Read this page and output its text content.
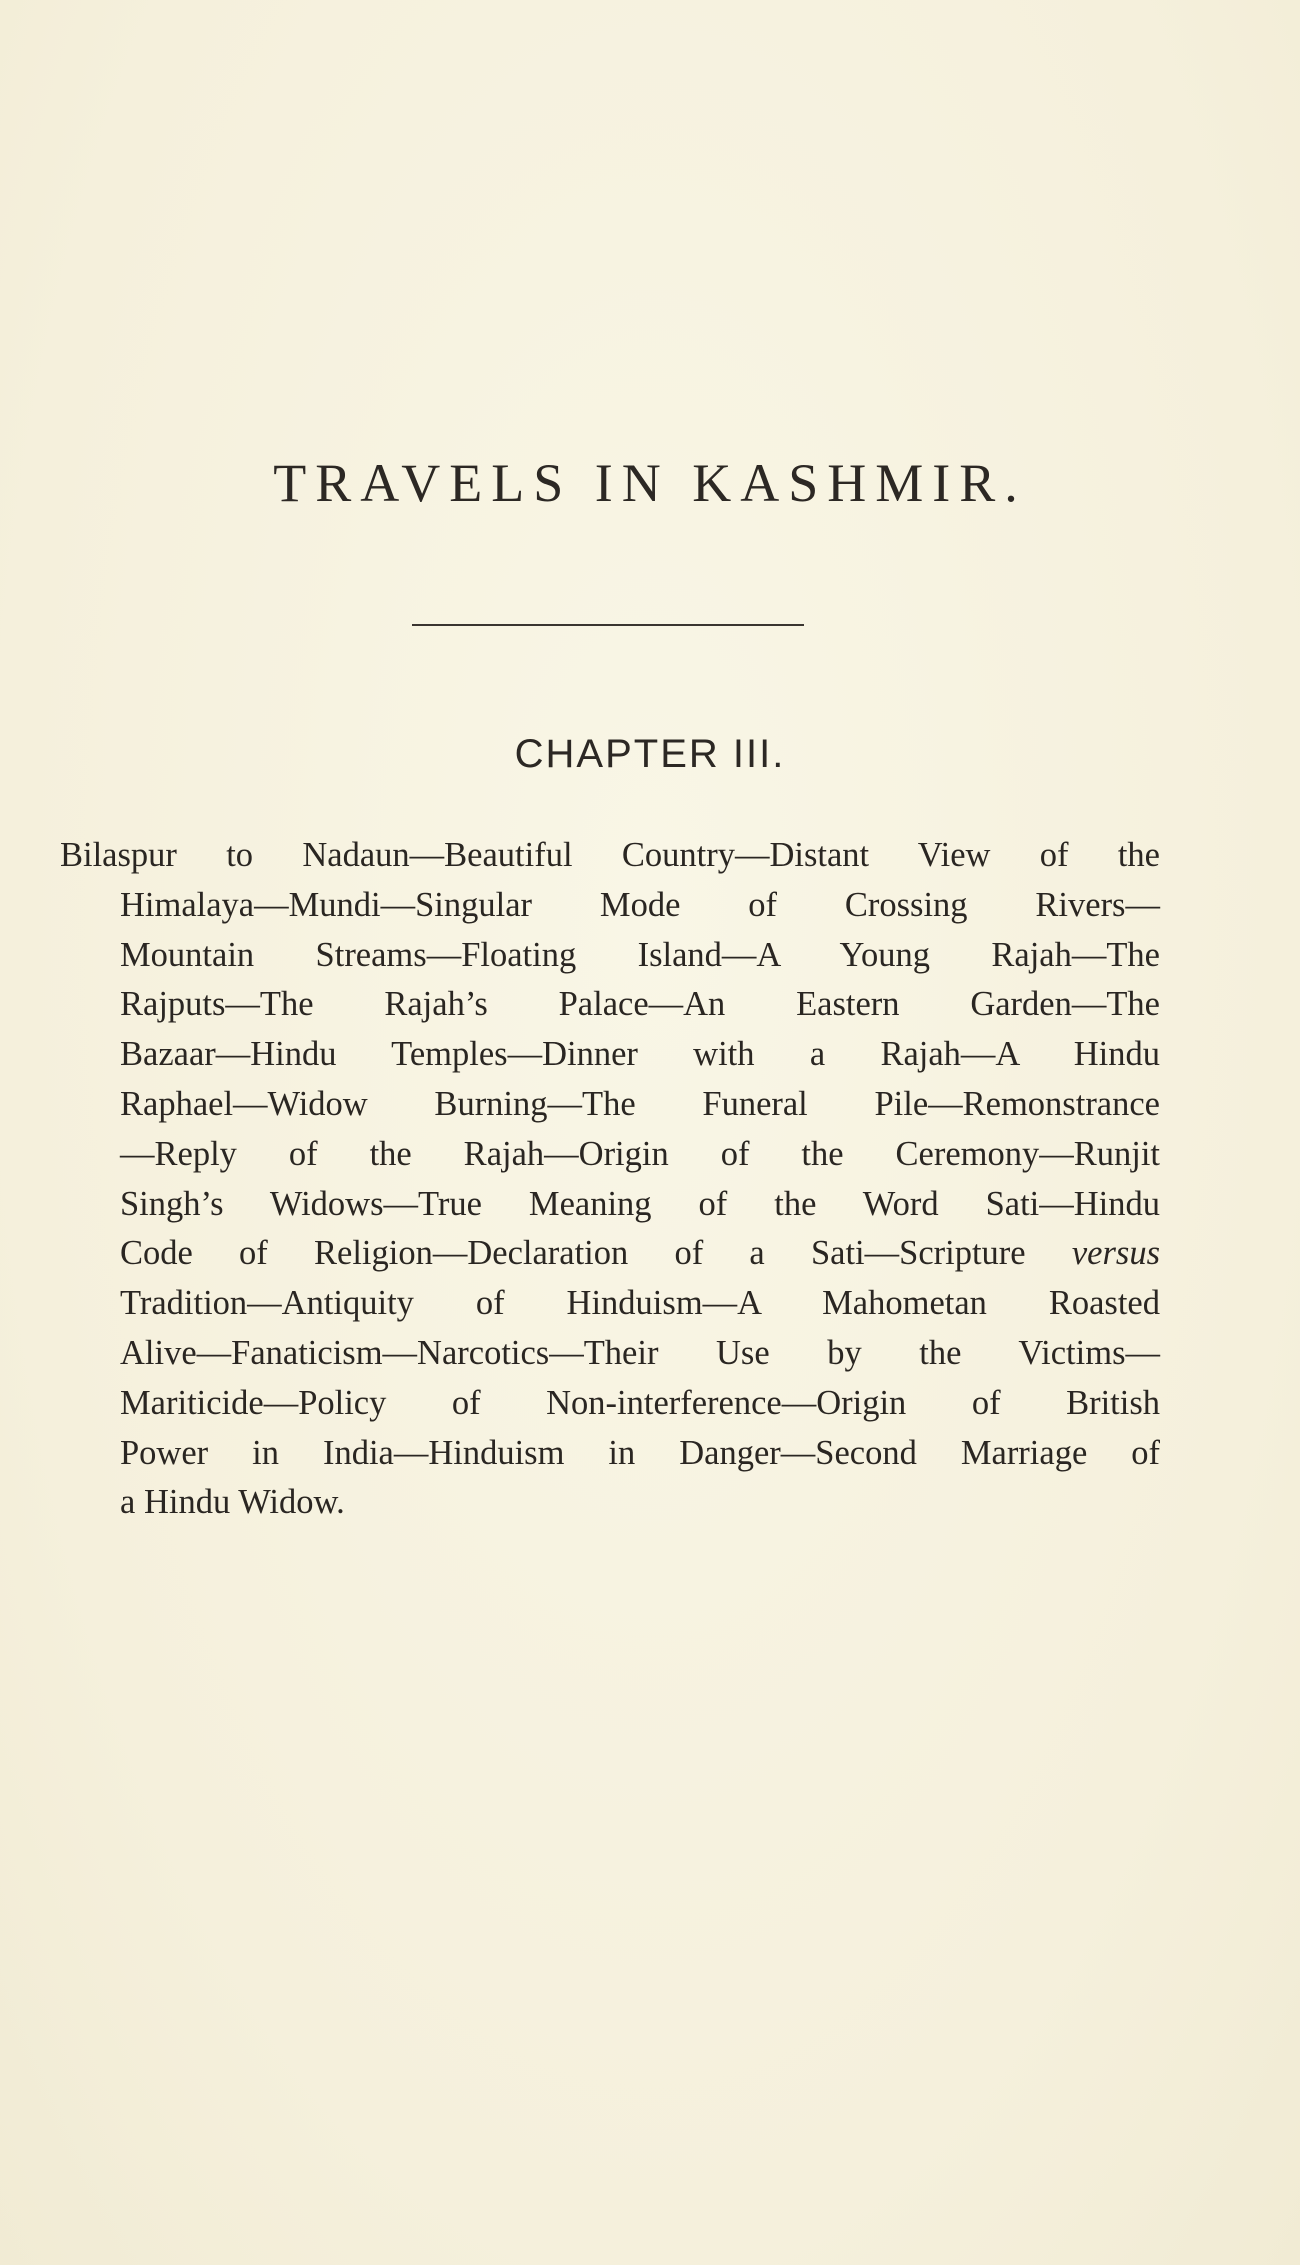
TRAVELS IN KASHMIR.
CHAPTER III.
Bilaspur to Nadaun—Beautiful Country—Distant View of the
Himalaya—Mundi—Singular Mode of Crossing Rivers—
Mountain Streams—Floating Island—A Young Rajah—The
Rajputs—The Rajah’s Palace—An Eastern Garden—The
Bazaar—Hindu Temples—Dinner with a Rajah—A Hindu
Raphael—Widow Burning—The Funeral Pile—Remonstrance
—Reply of the Rajah—Origin of the Ceremony—Runjit
Singh’s Widows—True Meaning of the Word Sati—Hindu
Code of Religion—Declaration of a Sati—Scripture versus
Tradition—Antiquity of Hinduism—A Mahometan Roasted
Alive—Fanaticism—Narcotics—Their Use by the Victims—
Mariticide—Policy of Non-interference—Origin of British
Power in India—Hinduism in Danger—Second Marriage of
a Hindu Widow.
